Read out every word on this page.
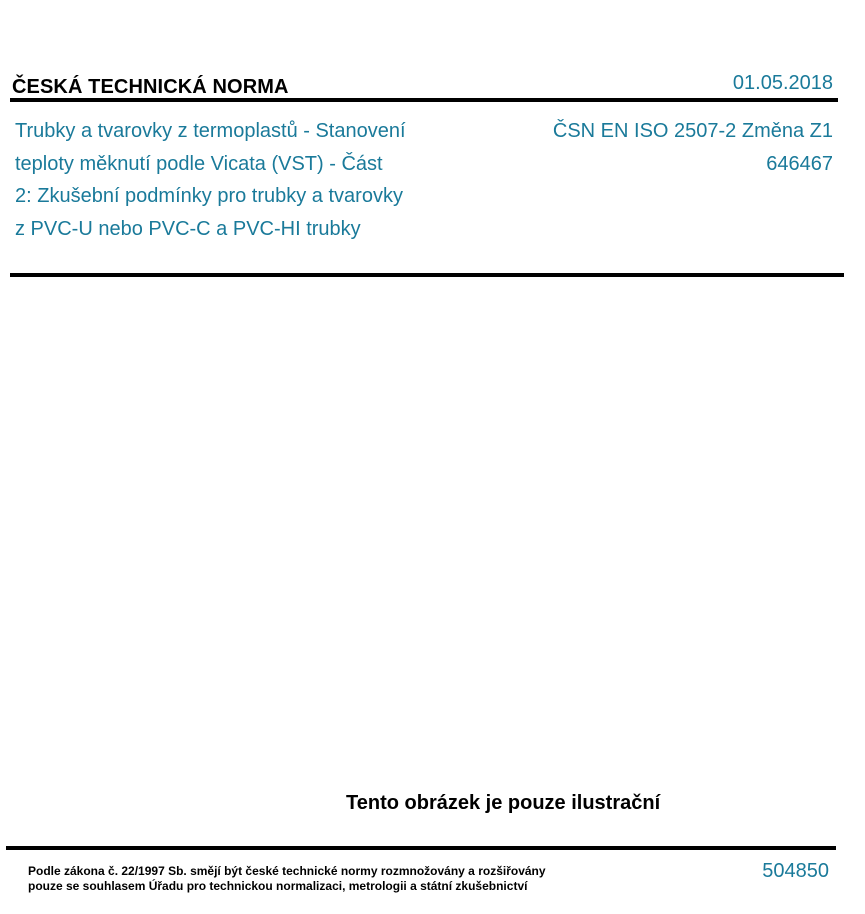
ČESKÁ TECHNICKÁ NORMA	01.05.2018
Trubky a tvarovky z termoplastů - Stanovení
teploty měknutí podle Vicata (VST) - Část
2: Zkušební podmínky pro trubky a tvarovky
z PVC-U nebo PVC-C a PVC-HI trubky
ČSN EN ISO 2507-2 Změna Z1
646467
Tento obrázek je pouze ilustrační
Podle zákona č. 22/1997 Sb. smějí být české technické normy rozmnožovány a rozšiřovány
pouze se souhlasem Úřadu pro technickou normalizaci, metrologii a státní zkušebnictví
504850
